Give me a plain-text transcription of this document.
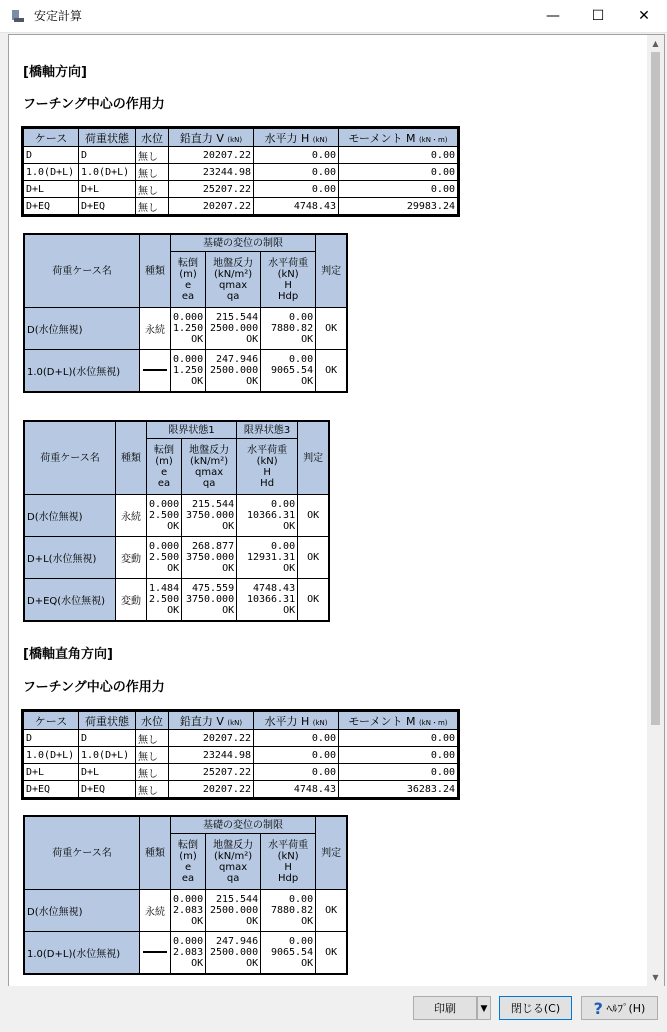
安定計算	—	☐	✕
[橋軸方向]
フーチング中心の作用力
ケース	荷重状態	水位	鉛直力 V (kN)	水平力 H (kN)	モーメント M (kN・m)
D	D	無し	20207.22	0.00	0.00
1.0(D+L)	1.0(D+L)	無し	23244.98	0.00	0.00
D+L	D+L	無し	25207.22	0.00	0.00
D+EQ	D+EQ	無し	20207.22	4748.43	29983.24
荷重ケース名	種類	基礎の変位の制限			判定
		転倒
(m)
e
ea	地盤反力
(kN/m²)
qmax
qa	水平荷重
(kN)
H
Hdp	
D(水位無視)	永続	0.000
1.250
OK	215.544
2500.000
OK	0.00
7880.82
OK	OK
1.0(D+L)(水位無視)		0.000
1.250
OK	247.946
2500.000
OK	0.00
9065.54
OK	OK
荷重ケース名	種類	限界状態1		限界状態3	判定
		転倒
(m)
e
ea	地盤反力
(kN/m²)
qmax
qa	水平荷重
(kN)
H
Hd	
D(水位無視)	永続	0.000
2.500
OK	215.544
3750.000
OK	0.00
10366.31
OK	OK
D+L(水位無視)	変動	0.000
2.500
OK	268.877
3750.000
OK	0.00
12931.31
OK	OK
D+EQ(水位無視)	変動	1.484
2.500
OK	475.559
3750.000
OK	4748.43
10366.31
OK	OK
[橋軸直角方向]
フーチング中心の作用力
ケース	荷重状態	水位	鉛直力 V (kN)	水平力 H (kN)	モーメント M (kN・m)
D	D	無し	20207.22	0.00	0.00
1.0(D+L)	1.0(D+L)	無し	23244.98	0.00	0.00
D+L	D+L	無し	25207.22	0.00	0.00
D+EQ	D+EQ	無し	20207.22	4748.43	36283.24
荷重ケース名	種類	基礎の変位の制限			判定
		転倒
(m)
e
ea	地盤反力
(kN/m²)
qmax
qa	水平荷重
(kN)
H
Hdp	
D(水位無視)	永続	0.000
2.083
OK	215.544
2500.000
OK	0.00
7880.82
OK	OK
1.0(D+L)(水位無視)		0.000
2.083
OK	247.946
2500.000
OK	0.00
9065.54
OK	OK
▲
▼
印刷	▼	閉じる(C)	? ﾍﾙﾌﾟ(H)
